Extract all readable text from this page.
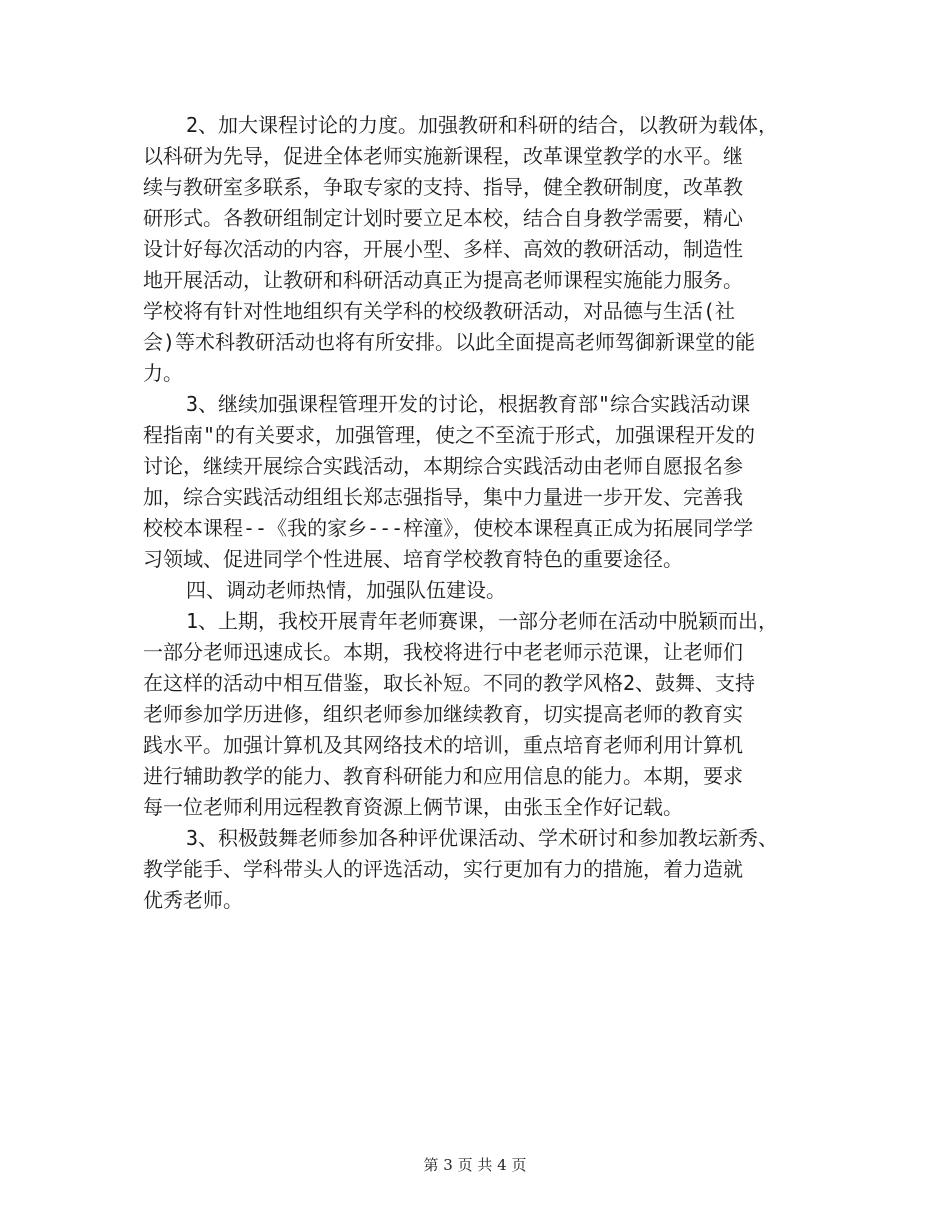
2、加大课程讨论的力度。加强教研和科研的结合，以教研为载体，
以科研为先导，促进全体老师实施新课程，改革课堂教学的水平。继
续与教研室多联系，争取专家的支持、指导，健全教研制度，改革教
研形式。各教研组制定计划时要立足本校，结合自身教学需要，精心
设计好每次活动的内容，开展小型、多样、高效的教研活动，制造性
地开展活动，让教研和科研活动真正为提高老师课程实施能力服务。
学校将有针对性地组织有关学科的校级教研活动，对品德与生活(社
会)等术科教研活动也将有所安排。以此全面提高老师驾御新课堂的能
力。
3、继续加强课程管理开发的讨论，根据教育部"综合实践活动课
程指南"的有关要求，加强管理，使之不至流于形式，加强课程开发的
讨论，继续开展综合实践活动，本期综合实践活动由老师自愿报名参
加，综合实践活动组组长郑志强指导，集中力量进一步开发、完善我
校校本课程--《我的家乡---梓潼》，使校本课程真正成为拓展同学学
习领域、促进同学个性进展、培育学校教育特色的重要途径。
四、调动老师热情，加强队伍建设。
1、上期，我校开展青年老师赛课，一部分老师在活动中脱颖而出，
一部分老师迅速成长。本期，我校将进行中老老师示范课，让老师们
在这样的活动中相互借鉴，取长补短。不同的教学风格2、鼓舞、支持
老师参加学历进修，组织老师参加继续教育，切实提高老师的教育实
践水平。加强计算机及其网络技术的培训，重点培育老师利用计算机
进行辅助教学的能力、教育科研能力和应用信息的能力。本期，要求
每一位老师利用远程教育资源上俩节课，由张玉全作好记载。
3、积极鼓舞老师参加各种评优课活动、学术研讨和参加教坛新秀、
教学能手、学科带头人的评选活动，实行更加有力的措施，着力造就
优秀老师。
第 3 页 共 4 页
